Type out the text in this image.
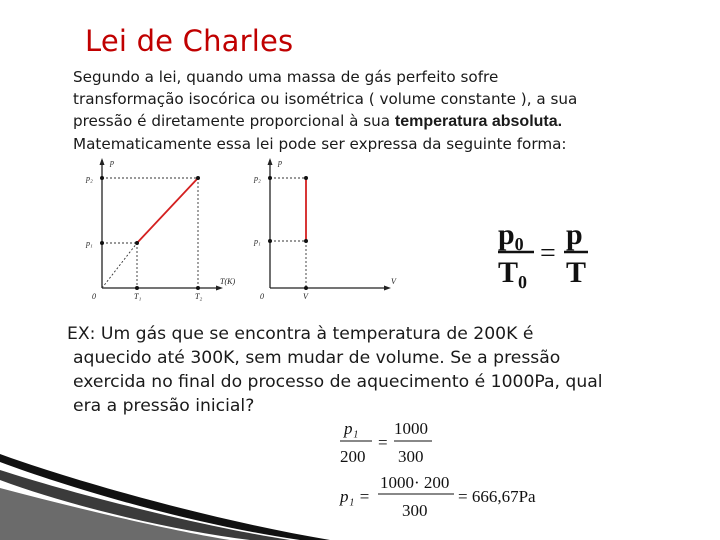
Lei de Charles
Segundo a lei, quando uma massa de gás perfeito sofre
transformação isocórica ou isométrica ( volume constante ), a sua
pressão é diretamente proporcional à sua temperatura absoluta.
Matematicamente essa lei pode ser expressa da seguinte forma:
p
p₂
p₁
0	T₁	T₂
T(K)
p
p₂
p₁
0	V
V
p₀
T₀
=
p
T
EX: Um gás que se encontra à temperatura de 200K é
aquecido até 300K, sem mudar de volume. Se a pressão
exercida no final do processo de aquecimento é 1000Pa, qual
era a pressão inicial?
p₁
200
=
1000
300
p₁ =
1000· 200
300
= 666,67Pa
